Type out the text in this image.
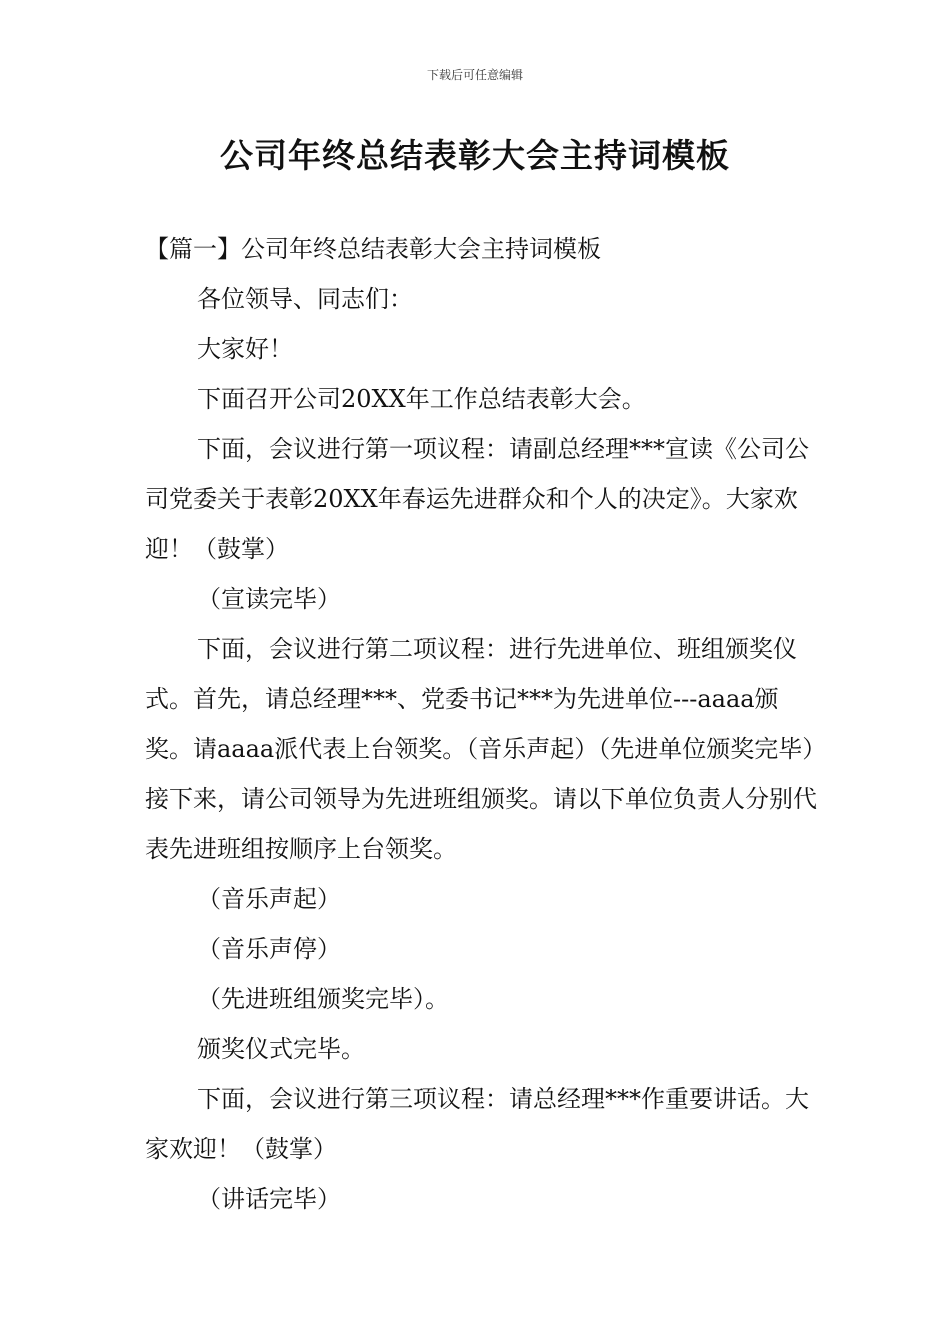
下载后可任意编辑
公司年终总结表彰大会主持词模板

【篇一】公司年终总结表彰大会主持词模板

各位领导、同志们：

大家好！

下面召开公司20XX年工作总结表彰大会。

下面，会议进行第一项议程：请副总经理***宣读《公司公司党委关于表彰20XX年春运先进群众和个人的决定》。大家欢迎！（鼓掌）

（宣读完毕）

下面，会议进行第二项议程：进行先进单位、班组颁奖仪式。首先，请总经理***、党委书记***为先进单位---aaaa颁奖。请aaaa派代表上台领奖。（音乐声起）（先进单位颁奖完毕）接下来，请公司领导为先进班组颁奖。请以下单位负责人分别代表先进班组按顺序上台领奖。

（音乐声起）

（音乐声停）

（先进班组颁奖完毕）。

颁奖仪式完毕。

下面，会议进行第三项议程：请总经理***作重要讲话。大家欢迎！（鼓掌）

（讲话完毕）
